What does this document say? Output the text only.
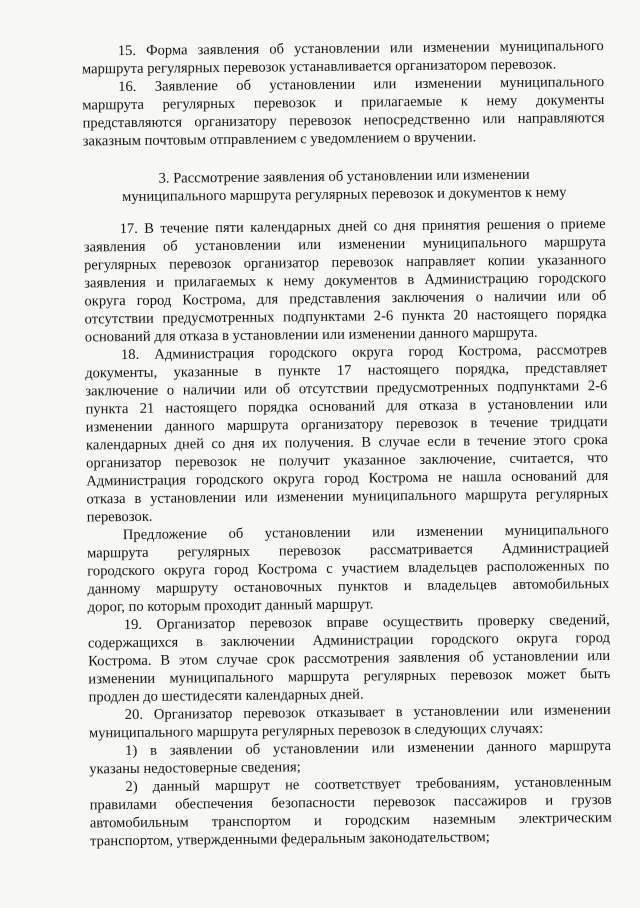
15. Форма заявления об установлении или изменении муниципального
маршрута регулярных перевозок устанавливается организатором перевозок.
16. Заявление об установлении или изменении муниципального
маршрута регулярных перевозок и прилагаемые к нему документы
представляются организатору перевозок непосредственно или направляются
заказным почтовым отправлением с уведомлением о вручении.
3. Рассмотрение заявления об установлении или изменении
муниципального маршрута регулярных перевозок и документов к нему
17. В течение пяти календарных дней со дня принятия решения о приеме
заявления об установлении или изменении муниципального маршрута
регулярных перевозок организатор перевозок направляет копии указанного
заявления и прилагаемых к нему документов в Администрацию городского
округа город Кострома, для представления заключения о наличии или об
отсутствии предусмотренных подпунктами 2-6 пункта 20 настоящего порядка
оснований для отказа в установлении или изменении данного маршрута.
18. Администрация городского округа город Кострома, рассмотрев
документы, указанные в пункте 17 настоящего порядка, представляет
заключение о наличии или об отсутствии предусмотренных подпунктами 2-6
пункта 21 настоящего порядка оснований для отказа в установлении или
изменении данного маршрута организатору перевозок в течение тридцати
календарных дней со дня их получения. В случае если в течение этого срока
организатор перевозок не получит указанное заключение, считается, что
Администрация городского округа город Кострома не нашла оснований для
отказа в установлении или изменении муниципального маршрута регулярных
перевозок.
Предложение об установлении или изменении муниципального
маршрута регулярных перевозок рассматривается Администрацией
городского округа город Кострома с участием владельцев расположенных по
данному маршруту остановочных пунктов и владельцев автомобильных
дорог, по которым проходит данный маршрут.
19. Организатор перевозок вправе осуществить проверку сведений,
содержащихся в заключении Администрации городского округа город
Кострома. В этом случае срок рассмотрения заявления об установлении или
изменении муниципального маршрута регулярных перевозок может быть
продлен до шестидесяти календарных дней.
20. Организатор перевозок отказывает в установлении или изменении
муниципального маршрута регулярных перевозок в следующих случаях:
1) в заявлении об установлении или изменении данного маршрута
указаны недостоверные сведения;
2) данный маршрут не соответствует требованиям, установленным
правилами обеспечения безопасности перевозок пассажиров и грузов
автомобильным транспортом и городским наземным электрическим
транспортом, утвержденными федеральным законодательством;
